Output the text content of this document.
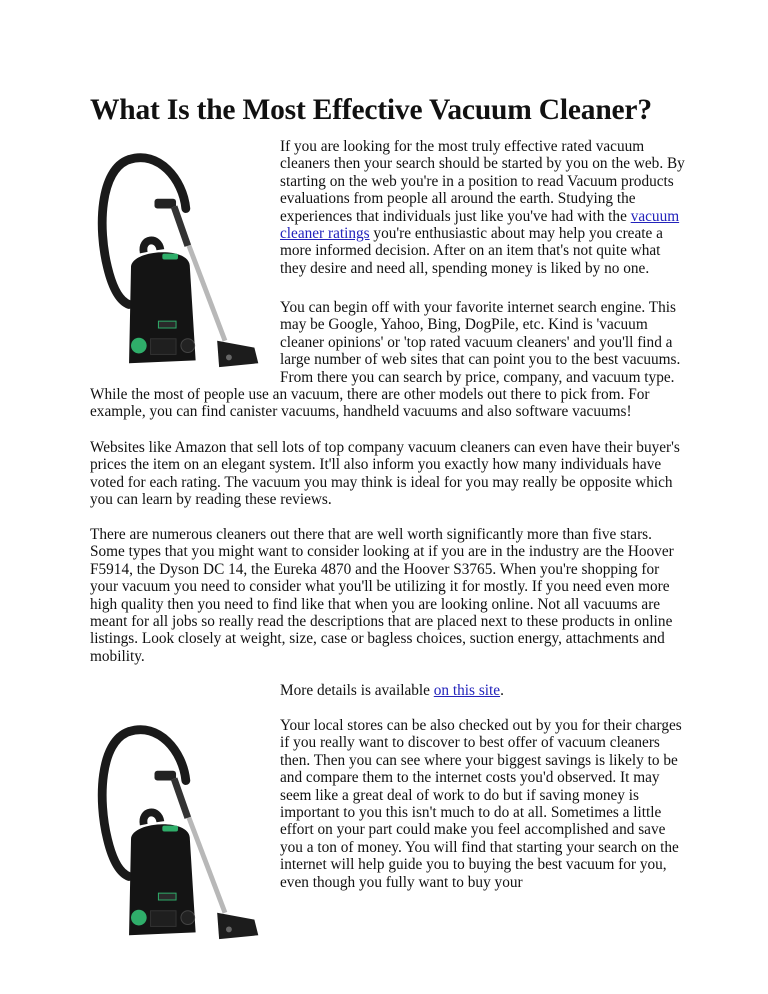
What Is the Most Effective Vacuum Cleaner?

If you are looking for the most truly effective rated vacuum cleaners then your search should be started by you on the web. By starting on the web you're in a position to read Vacuum products evaluations from people all around the earth. Studying the experiences that individuals just like you've had with the vacuum cleaner ratings you're enthusiastic about may help you create a more informed decision. After on an item that's not quite what they desire and need all, spending money is liked by no one.

You can begin off with your favorite internet search engine. This may be Google, Yahoo, Bing, DogPile, etc. Kind is 'vacuum cleaner opinions' or 'top rated vacuum cleaners' and you'll find a large number of web sites that can point you to the best vacuums. From there you can search by price, company, and vacuum type.

While the most of people use an vacuum, there are other models out there to pick from. For example, you can find canister vacuums, handheld vacuums and also software vacuums!

Websites like Amazon that sell lots of top company vacuum cleaners can even have their buyer's prices the item on an elegant system. It'll also inform you exactly how many individuals have voted for each rating. The vacuum you may think is ideal for you may really be opposite which you can learn by reading these reviews.

There are numerous cleaners out there that are well worth significantly more than five stars. Some types that you might want to consider looking at if you are in the industry are the Hoover F5914, the Dyson DC 14, the Eureka 4870 and the Hoover S3765. When you're shopping for your vacuum you need to consider what you'll be utilizing it for mostly. If you need even more high quality then you need to find like that when you are looking online. Not all vacuums are meant for all jobs so really read the descriptions that are placed next to these products in online listings. Look closely at weight, size, case or bagless choices, suction energy, attachments and mobility.

More details is available on this site.

Your local stores can be also checked out by you for their charges if you really want to discover to best offer of vacuum cleaners then. Then you can see where your biggest savings is likely to be and compare them to the internet costs you'd observed. It may seem like a great deal of work to do but if saving money is important to you this isn't much to do at all. Sometimes a little effort on your part could make you feel accomplished and save you a ton of money. You will find that starting your search on the internet will help guide you to buying the best vacuum for you, even though you fully want to buy your
